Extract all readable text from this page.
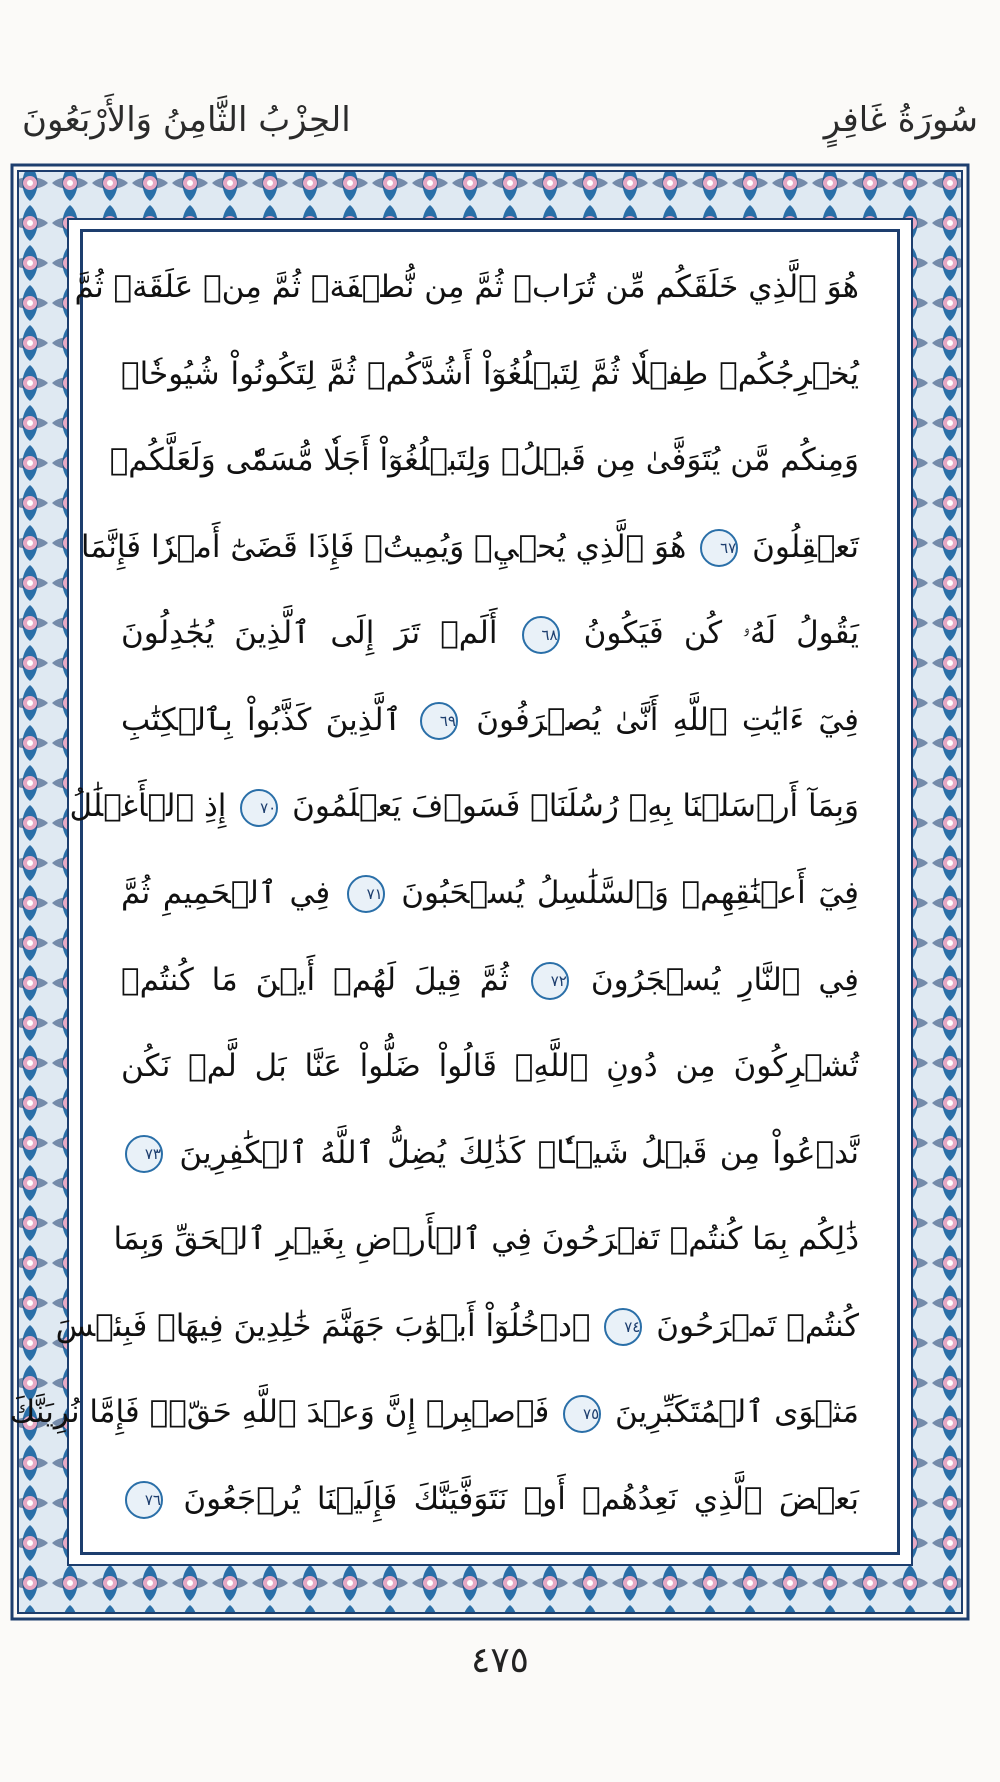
الحِزْبُ الثَّامِنُ وَالأَرْبَعُونَ	سُورَةُ غَافِرٍ
هُوَ ٱلَّذِي خَلَقَكُم مِّن تُرَابٖ ثُمَّ مِن نُّطۡفَةٖ ثُمَّ مِنۡ عَلَقَةٖ ثُمَّ
يُخۡرِجُكُمۡ طِفۡلٗا ثُمَّ لِتَبۡلُغُوٓاْ أَشُدَّكُمۡ ثُمَّ لِتَكُونُواْ شُيُوخٗاۚ
وَمِنكُم مَّن يُتَوَفَّىٰ مِن قَبۡلُۖ وَلِتَبۡلُغُوٓاْ أَجَلٗا مُّسَمّٗى وَلَعَلَّكُمۡ
تَعۡقِلُونَ ٦٧ هُوَ ٱلَّذِي يُحۡيِۦ وَيُمِيتُۖ فَإِذَا قَضَىٰٓ أَمۡرٗا فَإِنَّمَا
يَقُولُ لَهُۥ كُن فَيَكُونُ ٦٨ أَلَمۡ تَرَ إِلَى ٱلَّذِينَ يُجَٰدِلُونَ
فِيٓ ءَايَٰتِ ٱللَّهِ أَنَّىٰ يُصۡرَفُونَ ٦٩ ٱلَّذِينَ كَذَّبُواْ بِٱلۡكِتَٰبِ
وَبِمَآ أَرۡسَلۡنَا بِهِۦ رُسُلَنَاۖ فَسَوۡفَ يَعۡلَمُونَ ٧٠ إِذِ ٱلۡأَغۡلَٰلُ
فِيٓ أَعۡنَٰقِهِمۡ وَٱلسَّلَٰسِلُ يُسۡحَبُونَ ٧١ فِي ٱلۡحَمِيمِ ثُمَّ
فِي ٱلنَّارِ يُسۡجَرُونَ ٧٢ ثُمَّ قِيلَ لَهُمۡ أَيۡنَ مَا كُنتُمۡ
تُشۡرِكُونَ مِن دُونِ ٱللَّهِۖ قَالُواْ ضَلُّواْ عَنَّا بَل لَّمۡ نَكُن
نَّدۡعُواْ مِن قَبۡلُ شَيۡـٔٗاۚ كَذَٰلِكَ يُضِلُّ ٱللَّهُ ٱلۡكَٰفِرِينَ ٧٣
ذَٰلِكُم بِمَا كُنتُمۡ تَفۡرَحُونَ فِي ٱلۡأَرۡضِ بِغَيۡرِ ٱلۡحَقِّ وَبِمَا
كُنتُمۡ تَمۡرَحُونَ ٧٤ ٱدۡخُلُوٓاْ أَبۡوَٰبَ جَهَنَّمَ خَٰلِدِينَ فِيهَاۖ فَبِئۡسَ
مَثۡوَى ٱلۡمُتَكَبِّرِينَ ٧٥ فَٱصۡبِرۡ إِنَّ وَعۡدَ ٱللَّهِ حَقّٞۚ فَإِمَّا نُرِيَنَّكَ
بَعۡضَ ٱلَّذِي نَعِدُهُمۡ أَوۡ نَتَوَفَّيَنَّكَ فَإِلَيۡنَا يُرۡجَعُونَ ٧٦
٤٧٥
